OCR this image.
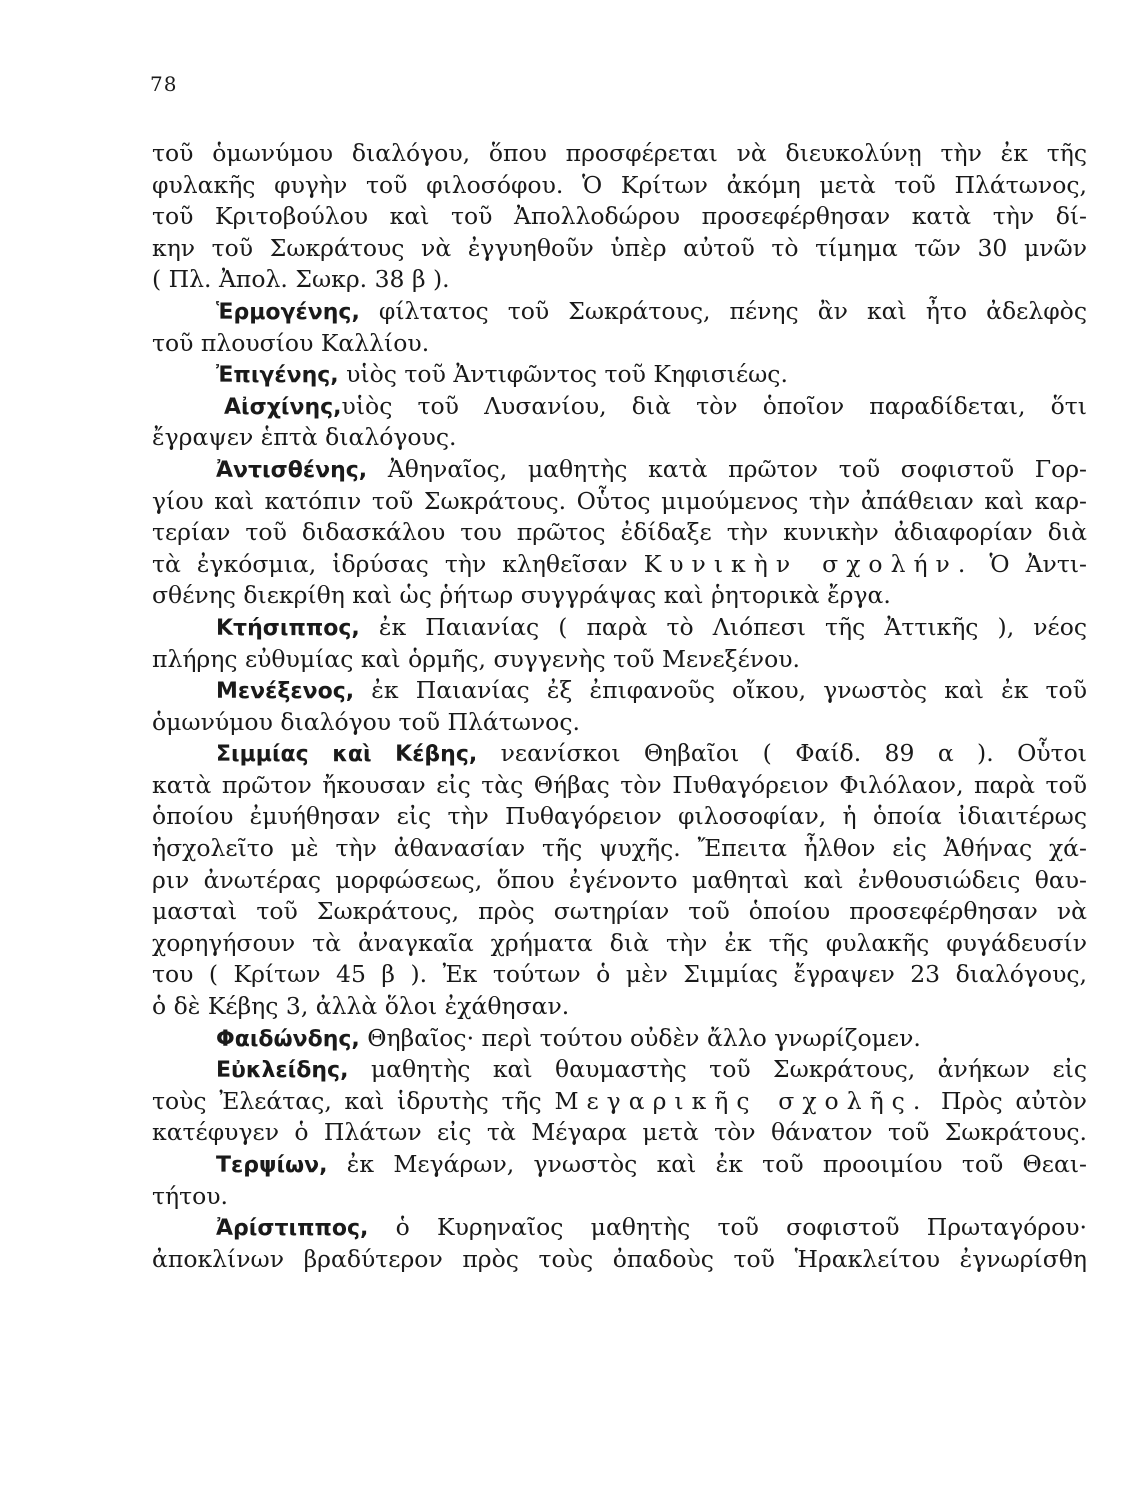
78
τοῦ ὁμωνύμου διαλόγου, ὅπου προσφέρεται νὰ διευκολύνῃ τὴν ἐκ τῆς
φυλακῆς φυγὴν τοῦ φιλοσόφου. Ὁ Κρίτων ἀκόμη μετὰ τοῦ Πλάτωνος,
τοῦ Κριτοβούλου καὶ τοῦ Ἀπολλοδώρου προσεφέρθησαν κατὰ τὴν δί-
κην τοῦ Σωκράτους νὰ ἐγγυηθοῦν ὑπὲρ αὐτοῦ τὸ τίμημα τῶν 30 μνῶν
( Πλ. Ἀπολ. Σωκρ. 38 β ).
Ἑρμογένης, φίλτατος τοῦ Σωκράτους, πένης ἂν καὶ ἦτο ἀδελφὸς
τοῦ πλουσίου Καλλίου.
Ἐπιγένης, υἱὸς τοῦ Ἀντιφῶντος τοῦ Κηφισιέως.
Αἰσχίνης,υἱὸς τοῦ Λυσανίου, διὰ τὸν ὁποῖον παραδίδεται, ὅτι
ἔγραψεν ἑπτὰ διαλόγους.
Ἀντισθένης, Ἀθηναῖος, μαθητὴς κατὰ πρῶτον τοῦ σοφιστοῦ Γορ-
γίου καὶ κατόπιν τοῦ Σωκράτους. Οὗτος μιμούμενος τὴν ἀπάθειαν καὶ καρ-
τερίαν τοῦ διδασκάλου του πρῶτος ἐδίδαξε τὴν κυνικὴν ἀδιαφορίαν διὰ
τὰ ἐγκόσμια, ἱδρύσας τὴν κληθεῖσαν Κυνικὴν σχολήν. Ὁ Ἀντι-
σθένης διεκρίθη καὶ ὡς ῥήτωρ συγγράψας καὶ ῥητορικὰ ἔργα.
Κτήσιππος, ἐκ Παιανίας ( παρὰ τὸ Λιόπεσι τῆς Ἀττικῆς ), νέος
πλήρης εὐθυμίας καὶ ὁρμῆς, συγγενὴς τοῦ Μενεξένου.
Μενέξενος, ἐκ Παιανίας ἐξ ἐπιφανοῦς οἴκου, γνωστὸς καὶ ἐκ τοῦ
ὁμωνύμου διαλόγου τοῦ Πλάτωνος.
Σιμμίας καὶ Κέβης, νεανίσκοι Θηβαῖοι ( Φαίδ. 89 α ). Οὗτοι
κατὰ πρῶτον ἤκουσαν εἰς τὰς Θήβας τὸν Πυθαγόρειον Φιλόλαον, παρὰ τοῦ
ὁποίου ἐμυήθησαν εἰς τὴν Πυθαγόρειον φιλοσοφίαν, ἡ ὁποία ἰδιαιτέρως
ἠσχολεῖτο μὲ τὴν ἀθανασίαν τῆς ψυχῆς. Ἔπειτα ἦλθον εἰς Ἀθήνας χά-
ριν ἀνωτέρας μορφώσεως, ὅπου ἐγένοντο μαθηταὶ καὶ ἐνθουσιώδεις θαυ-
μασταὶ τοῦ Σωκράτους, πρὸς σωτηρίαν τοῦ ὁποίου προσεφέρθησαν νὰ
χορηγήσουν τὰ ἀναγκαῖα χρήματα διὰ τὴν ἐκ τῆς φυλακῆς φυγάδευσίν
του ( Κρίτων 45 β ). Ἐκ τούτων ὁ μὲν Σιμμίας ἔγραψεν 23 διαλόγους,
ὁ δὲ Κέβης 3, ἀλλὰ ὅλοι ἐχάθησαν.
Φαιδώνδης, Θηβαῖος· περὶ τούτου οὐδὲν ἄλλο γνωρίζομεν.
Εὐκλείδης, μαθητὴς καὶ θαυμαστὴς τοῦ Σωκράτους, ἀνήκων εἰς
τοὺς Ἐλεάτας, καὶ ἱδρυτὴς τῆς Μεγαρικῆς σχολῆς. Πρὸς αὐτὸν
κατέφυγεν ὁ Πλάτων εἰς τὰ Μέγαρα μετὰ τὸν θάνατον τοῦ Σωκράτους.
Τερψίων, ἐκ Μεγάρων, γνωστὸς καὶ ἐκ τοῦ προοιμίου τοῦ Θεαι-
τήτου.
Ἀρίστιππος, ὁ Κυρηναῖος μαθητὴς τοῦ σοφιστοῦ Πρωταγόρου·
ἀποκλίνων βραδύτερον πρὸς τοὺς ὀπαδοὺς τοῦ Ἡρακλείτου ἐγνωρίσθη
